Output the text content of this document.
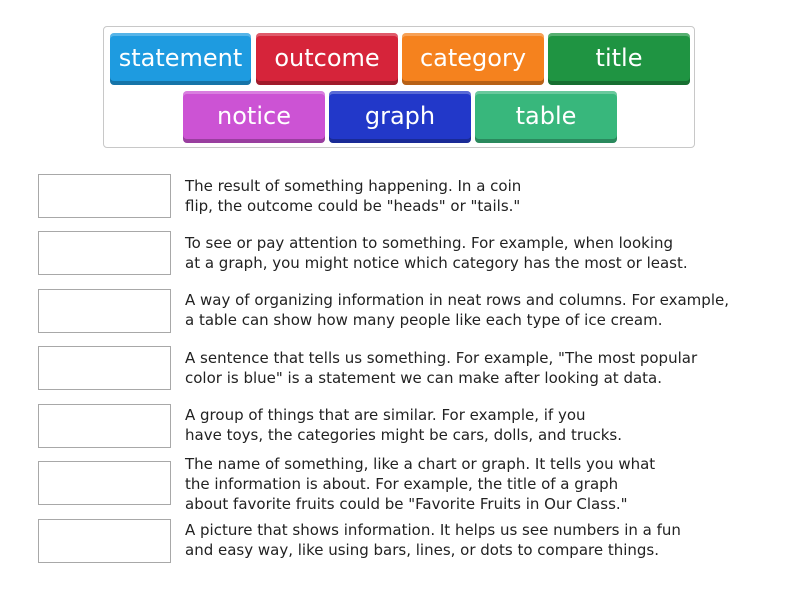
statement	outcome	category	title
notice	graph	table
The result of something happening. In a coin
flip, the outcome could be "heads" or "tails."
To see or pay attention to something. For example, when looking
at a graph, you might notice which category has the most or least.
A way of organizing information in neat rows and columns. For example,
a table can show how many people like each type of ice cream.
A sentence that tells us something. For example, "The most popular
color is blue" is a statement we can make after looking at data.
A group of things that are similar. For example, if you
have toys, the categories might be cars, dolls, and trucks.
The name of something, like a chart or graph. It tells you what
the information is about. For example, the title of a graph
about favorite fruits could be "Favorite Fruits in Our Class."
A picture that shows information. It helps us see numbers in a fun
and easy way, like using bars, lines, or dots to compare things.
